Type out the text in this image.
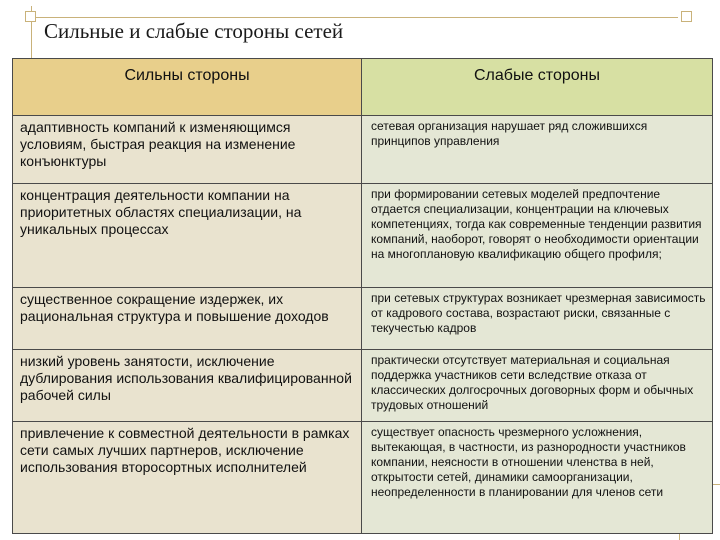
Сильные и слабые стороны сетей
Сильны стороны	Слабые стороны
адаптивность компаний к изменяющимся условиям, быстрая реакция на изменение конъюнктуры	сетевая организация нарушает ряд сложившихся принципов управления
концентрация деятельности компании на приоритетных областях специализации, на уникальных процессах	при формировании сетевых моделей предпочтение отдается специализации, концентрации на ключевых компетенциях, тогда как современные тенденции развития компаний, наоборот, говорят о необходимости ориентации на многоплановую квалификацию общего профиля;
существенное сокращение издержек, их рациональная структура и повышение доходов	при сетевых структурах возникает чрезмерная зависимость от кадрового состава, возрастают риски, связанные с текучестью кадров
низкий уровень занятости, исключение дублирования использования квалифицированной рабочей силы	практически отсутствует материальная и социальная поддержка участников сети вследствие отказа от классических долгосрочных договорных форм и обычных трудовых отношений
привлечение к совместной деятельности в рамках сети самых лучших партнеров, исключение использования второсортных исполнителей	существует опасность чрезмерного усложнения, вытекающая, в частности, из разнородности участников компании, неясности в отношении членства в ней, открытости сетей, динамики самоорганизации, неопределенности в планировании для членов сети
